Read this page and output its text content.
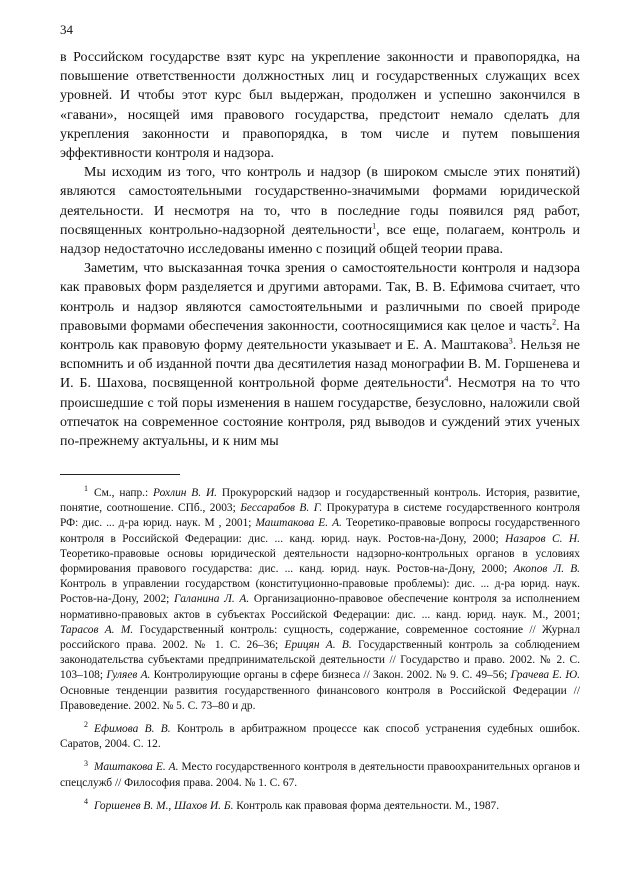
34

в Российском государстве взят курс на укрепление законности и правопорядка, на повышение ответственности должностных лиц и государственных служащих всех уровней. И чтобы этот курс был выдержан, продолжен и успешно закончился в «гавани», носящей имя правового государства, предстоит немало сделать для укрепления законности и правопорядка, в том числе и путем повышения эффективности контроля и надзора.

Мы исходим из того, что контроль и надзор (в широком смысле этих понятий) являются самостоятельными государственно-значимыми формами юридической деятельности. И несмотря на то, что в последние годы появился ряд работ, посвященных контрольно-надзорной деятельности$^1$, все еще, полагаем, контроль и надзор недостаточно исследованы именно с позиций общей теории права.

Заметим, что высказанная точка зрения о самостоятельности контроля и надзора как правовых форм разделяется и другими авторами. Так, В. В. Ефимова считает, что контроль и надзор являются самостоятельными и различными по своей природе правовыми формами обеспечения законности, соотносящимися как целое и часть$^2$. На контроль как правовую форму деятельности указывает и Е. А. Маштакова$^3$. Нельзя не вспомнить и об изданной почти два десятилетия назад монографии В. М. Горшенева и И. Б. Шахова, посвященной контрольной форме деятельности$^4$. Несмотря на то что происшедшие с той поры изменения в нашем государстве, безусловно, наложили свой отпечаток на современное состояние контроля, ряд выводов и суждений этих ученых по-прежнему актуальны, и к ним мы

$^1$ См., напр.: Рохлин В. И. Прокурорский надзор и государственный контроль. История, развитие, понятие, соотношение. СПб., 2003; Бессарабов В. Г. Прокуратура в системе государственного контроля РФ: дис. ... д-ра юрид. наук. М , 2001; Маштакова Е. А. Теоретико-правовые вопросы государственного контроля в Российской Федерации: дис. ... канд. юрид. наук. Ростов-на-Дону, 2000; Назаров С. Н. Теоретико-правовые основы юридической деятельности надзорно-контрольных органов в условиях формирования правового государства: дис. ... канд. юрид. наук. Ростов-на-Дону, 2000; Акопов Л. В. Контроль в управлении государством (конституционно-правовые проблемы): дис. ... д-ра юрид. наук. Ростов-на-Дону, 2002; Галанина Л. А. Организационно-правовое обеспечение контроля за исполнением нормативно-правовых актов в субъектах Российской Федерации: дис. ... канд. юрид. наук. М., 2001; Тарасов А. М. Государственный контроль: сущность, содержание, современное состояние // Журнал российского права. 2002. № 1. С. 26–36; Ерицян А. В. Государственный контроль за соблюдением законодательства субъектами предпринимательской деятельности // Государство и право. 2002. № 2. С. 103–108; Гуляев А. Контролирующие органы в сфере бизнеса // Закон. 2002. № 9. С. 49–56; Грачева Е. Ю. Основные тенденции развития государственного финансового контроля в Российской Федерации // Правоведение. 2002. № 5. С. 73–80 и др.

$^2$ Ефимова В. В. Контроль в арбитражном процессе как способ устранения судебных ошибок. Саратов, 2004. С. 12.

$^3$ Маштакова Е. А. Место государственного контроля в деятельности правоохранительных органов и спецслужб // Философия права. 2004. № 1. С. 67.

$^4$ Горшенев В. М., Шахов И. Б. Контроль как правовая форма деятельности. М., 1987.
